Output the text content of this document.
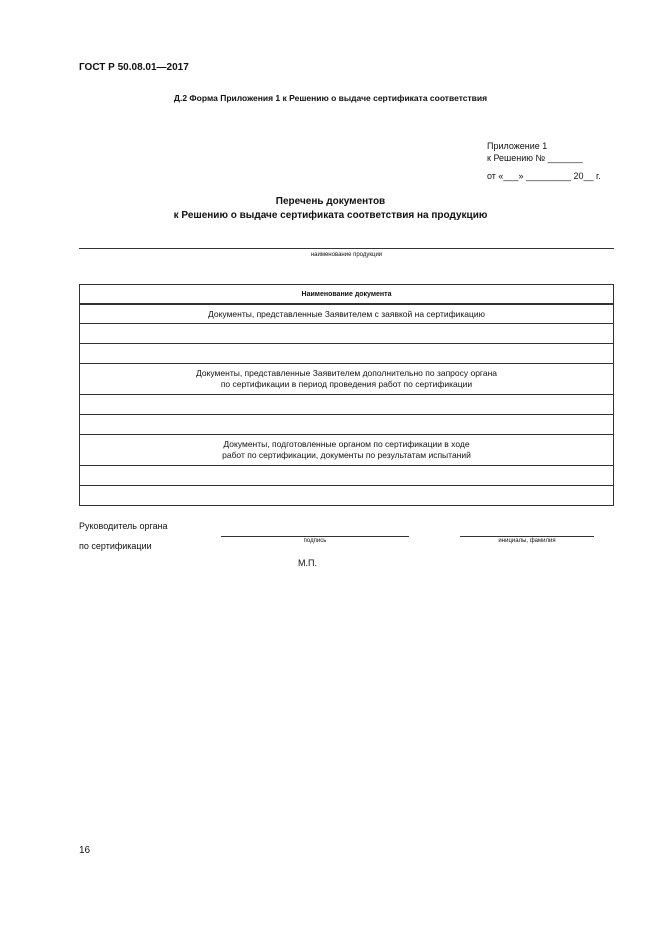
ГОСТ Р 50.08.01—2017
Д.2 Форма Приложения 1 к Решению о выдаче сертификата соответствия
Приложение 1
к Решению № _______
от «___» _________ 20__ г.
Перечень документов
к Решению о выдаче сертификата соответствия на продукцию
наименование продукции
Наименование документа

Документы, представленные Заявителем с заявкой на сертификацию

Документы, представленные Заявителем дополнительно по запросу органа
по сертификации в период проведения работ по сертификации

Документы, подготовленные органом по сертификации в ходе
работ по сертификации, документы по результатам испытаний

Руководитель органа
по сертификации	подпись	инициалы, фамилия
М.П.
16
